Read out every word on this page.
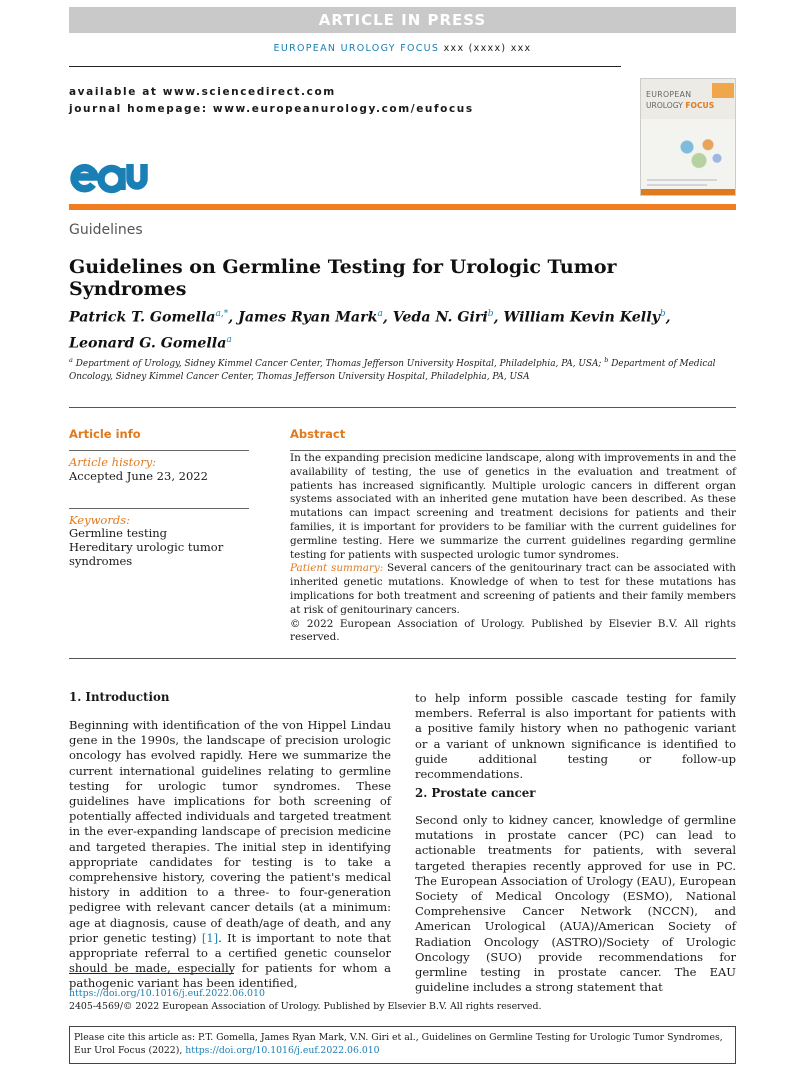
ARTICLE IN PRESS
EUROPEAN UROLOGY FOCUS xxx (xxxx) xxx
available at www.sciencedirect.com
journal homepage: www.europeanurology.com/eufocus
EUROPEAN
UROLOGY FOCUS
Guidelines
Guidelines on Germline Testing for Urologic Tumor Syndromes
Patrick T. Gomella$^{a,*}$, James Ryan Mark$^a$, Veda N. Giri$^b$, William Kevin Kelly$^b$,
Leonard G. Gomella$^a$
$^a$ Department of Urology, Sidney Kimmel Cancer Center, Thomas Jefferson University Hospital, Philadelphia, PA, USA; $^b$ Department of Medical Oncology, Sidney Kimmel Cancer Center, Thomas Jefferson University Hospital, Philadelphia, PA, USA
Article info
Article history:
Accepted June 23, 2022
Keywords:
Germline testing
Hereditary urologic tumor
syndromes
Abstract
In the expanding precision medicine landscape, along with improvements in and the availability of testing, the use of genetics in the evaluation and treatment of patients has increased significantly. Multiple urologic cancers in different organ systems associated with an inherited gene mutation have been described. As these mutations can impact screening and treatment decisions for patients and their families, it is important for providers to be familiar with the current guidelines for germline testing. Here we summarize the current guidelines regarding germline testing for patients with suspected urologic tumor syndromes.
Patient summary: Several cancers of the genitourinary tract can be associated with inherited genetic mutations. Knowledge of when to test for these mutations has implications for both treatment and screening of patients and their family members at risk of genitourinary cancers.
© 2022 European Association of Urology. Published by Elsevier B.V. All rights reserved.
1. Introduction
Beginning with identification of the von Hippel Lindau gene in the 1990s, the landscape of precision urologic oncology has evolved rapidly. Here we summarize the current international guidelines relating to germline testing for urologic tumor syndromes. These guidelines have implications for both screening of potentially affected individuals and targeted treatment in the ever-expanding landscape of precision medicine and targeted therapies. The initial step in identifying appropriate candidates for testing is to take a comprehensive history, covering the patient's medical history in addition to a three- to four-generation pedigree with relevant cancer details (at a minimum: age at diagnosis, cause of death/age of death, and any prior genetic testing) [1]. It is important to note that appropriate referral to a certified genetic counselor should be made, especially for patients for whom a pathogenic variant has been identified,
to help inform possible cascade testing for family members. Referral is also important for patients with a positive family history when no pathogenic variant or a variant of unknown significance is identified to guide additional testing or follow-up recommendations.
2. Prostate cancer
Second only to kidney cancer, knowledge of germline mutations in prostate cancer (PC) can lead to actionable treatments for patients, with several targeted therapies recently approved for use in PC. The European Association of Urology (EAU), European Society of Medical Oncology (ESMO), National Comprehensive Cancer Network (NCCN), and American Urological (AUA)/American Society of Radiation Oncology (ASTRO)/Society of Urologic Oncology (SUO) provide recommendations for germline testing in prostate cancer. The EAU guideline includes a strong statement that
https://doi.org/10.1016/j.euf.2022.06.010
2405-4569/© 2022 European Association of Urology. Published by Elsevier B.V. All rights reserved.
Please cite this article as: P.T. Gomella, James Ryan Mark, V.N. Giri et al., Guidelines on Germline Testing for Urologic Tumor Syndromes, Eur Urol Focus (2022), https://doi.org/10.1016/j.euf.2022.06.010
